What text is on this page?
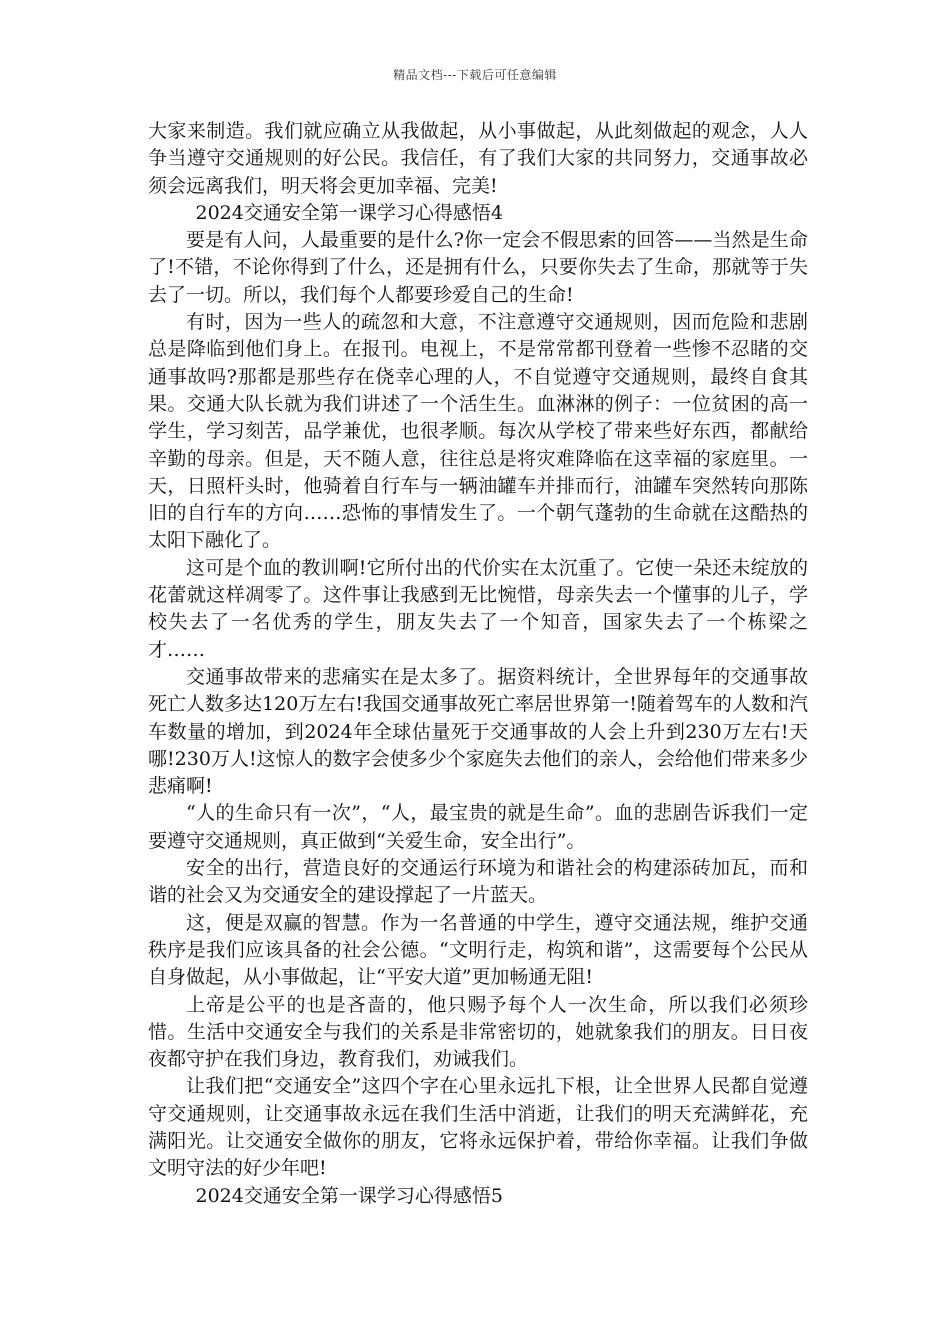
精品文档---下载后可任意编辑

大家来制造。我们就应确立从我做起，从小事做起，从此刻做起的观念，人人争当遵守交通规则的好公民。我信任，有了我们大家的共同努力，交通事故必须会远离我们，明天将会更加幸福、完美!

2024交通安全第一课学习心得感悟4

要是有人问，人最重要的是什么?你一定会不假思索的回答——当然是生命了!不错，不论你得到了什么，还是拥有什么，只要你失去了生命，那就等于失去了一切。所以，我们每个人都要珍爱自己的生命!

有时，因为一些人的疏忽和大意，不注意遵守交通规则，因而危险和悲剧总是降临到他们身上。在报刊。电视上，不是常常都刊登着一些惨不忍睹的交通事故吗?那都是那些存在侥幸心理的人，不自觉遵守交通规则，最终自食其果。交通大队长就为我们讲述了一个活生生。血淋淋的例子：一位贫困的高一学生，学习刻苦，品学兼优，也很孝顺。每次从学校了带来些好东西，都献给辛勤的母亲。但是，天不随人意，往往总是将灾难降临在这幸福的家庭里。一天，日照杆头时，他骑着自行车与一辆油罐车并排而行，油罐车突然转向那陈旧的自行车的方向……恐怖的事情发生了。一个朝气蓬勃的生命就在这酷热的太阳下融化了。

这可是个血的教训啊!它所付出的代价实在太沉重了。它使一朵还未绽放的花蕾就这样凋零了。这件事让我感到无比惋惜，母亲失去一个懂事的儿子，学校失去了一名优秀的学生，朋友失去了一个知音，国家失去了一个栋梁之才……

交通事故带来的悲痛实在是太多了。据资料统计，全世界每年的交通事故死亡人数多达120万左右!我国交通事故死亡率居世界第一!随着驾车的人数和汽车数量的增加，到2024年全球估量死于交通事故的人会上升到230万左右!天哪!230万人!这惊人的数字会使多少个家庭失去他们的亲人，会给他们带来多少悲痛啊!

“人的生命只有一次”，“人，最宝贵的就是生命”。血的悲剧告诉我们一定要遵守交通规则，真正做到“关爱生命，安全出行”。

安全的出行，营造良好的交通运行环境为和谐社会的构建添砖加瓦，而和谐的社会又为交通安全的建设撑起了一片蓝天。

这，便是双赢的智慧。作为一名普通的中学生，遵守交通法规，维护交通秩序是我们应该具备的社会公德。“文明行走，构筑和谐”，这需要每个公民从自身做起，从小事做起，让“平安大道”更加畅通无阻!

上帝是公平的也是吝啬的，他只赐予每个人一次生命，所以我们必须珍惜。生活中交通安全与我们的关系是非常密切的，她就象我们的朋友。日日夜夜都守护在我们身边，教育我们，劝诫我们。

让我们把“交通安全”这四个字在心里永远扎下根，让全世界人民都自觉遵守交通规则，让交通事故永远在我们生活中消逝，让我们的明天充满鲜花，充满阳光。让交通安全做你的朋友，它将永远保护着，带给你幸福。让我们争做文明守法的好少年吧!

2024交通安全第一课学习心得感悟5
